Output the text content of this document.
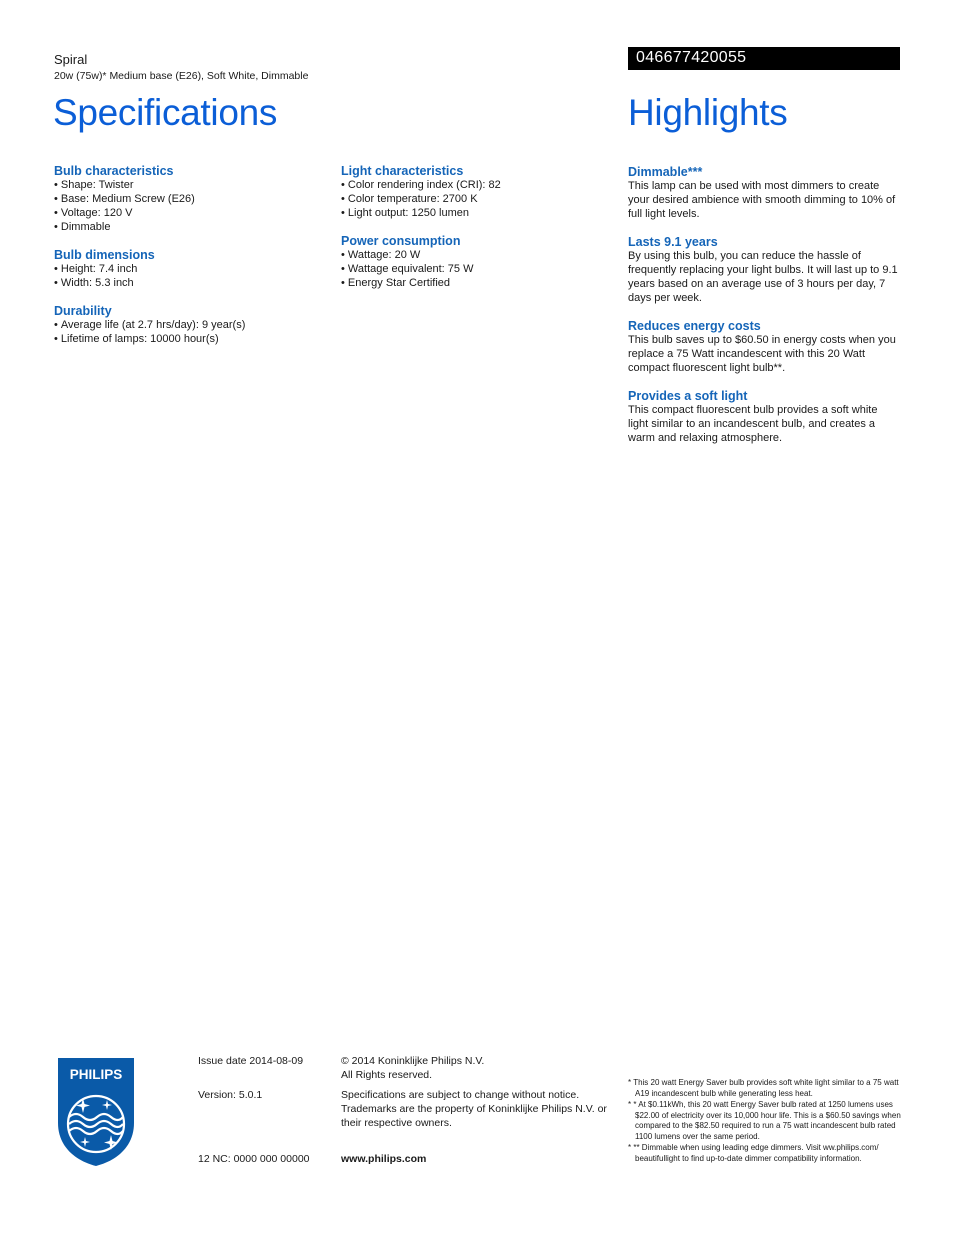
Spiral
20w (75w)* Medium base (E26), Soft White, Dimmable
046677420055
Specifications	Highlights
Bulb characteristics
• Shape: Twister
• Base: Medium Screw (E26)
• Voltage: 120 V
• Dimmable
Bulb dimensions
• Height: 7.4 inch
• Width: 5.3 inch
Durability
• Average life (at 2.7 hrs/day): 9 year(s)
• Lifetime of lamps: 10000 hour(s)
Light characteristics
• Color rendering index (CRI): 82
• Color temperature: 2700 K
• Light output: 1250 lumen
Power consumption
• Wattage: 20 W
• Wattage equivalent: 75 W
• Energy Star Certified
Dimmable***

This lamp can be used with most dimmers to create your desired ambience with smooth dimming to 10% of full light levels.

Lasts 9.1 years

By using this bulb, you can reduce the hassle of frequently replacing your light bulbs. It will last up to 9.1 years based on an average use of 3 hours per day, 7 days per week.

Reduces energy costs

This bulb saves up to $60.50 in energy costs when you replace a 75 Watt incandescent with this 20 Watt compact fluorescent light bulb**.

Provides a soft light

This compact fluorescent bulb provides a soft white light similar to an incandescent bulb, and creates a warm and relaxing atmosphere.

PHILIPS
Issue date 2014-08-09
Version: 5.0.1
12 NC: 0000 000 00000
© 2014 Koninklijke Philips N.V.
All Rights reserved.
Specifications are subject to change without notice. Trademarks are the property of Koninklijke Philips N.V. or their respective owners.
www.philips.com

* This 20 watt Energy Saver bulb provides soft white light similar to a 75 watt A19 incandescent bulb while generating less heat.

* * At $0.11kWh, this 20 watt Energy Saver bulb rated at 1250 lumens uses $22.00 of electricity over its 10,000 hour life. This is a $60.50 savings when compared to the $82.50 required to run a 75 watt incandescent bulb rated 1100 lumens over the same period.

* ** Dimmable when using leading edge dimmers. Visit ww.philips.com/ beautifullight to find up-to-date dimmer compatibility information.
